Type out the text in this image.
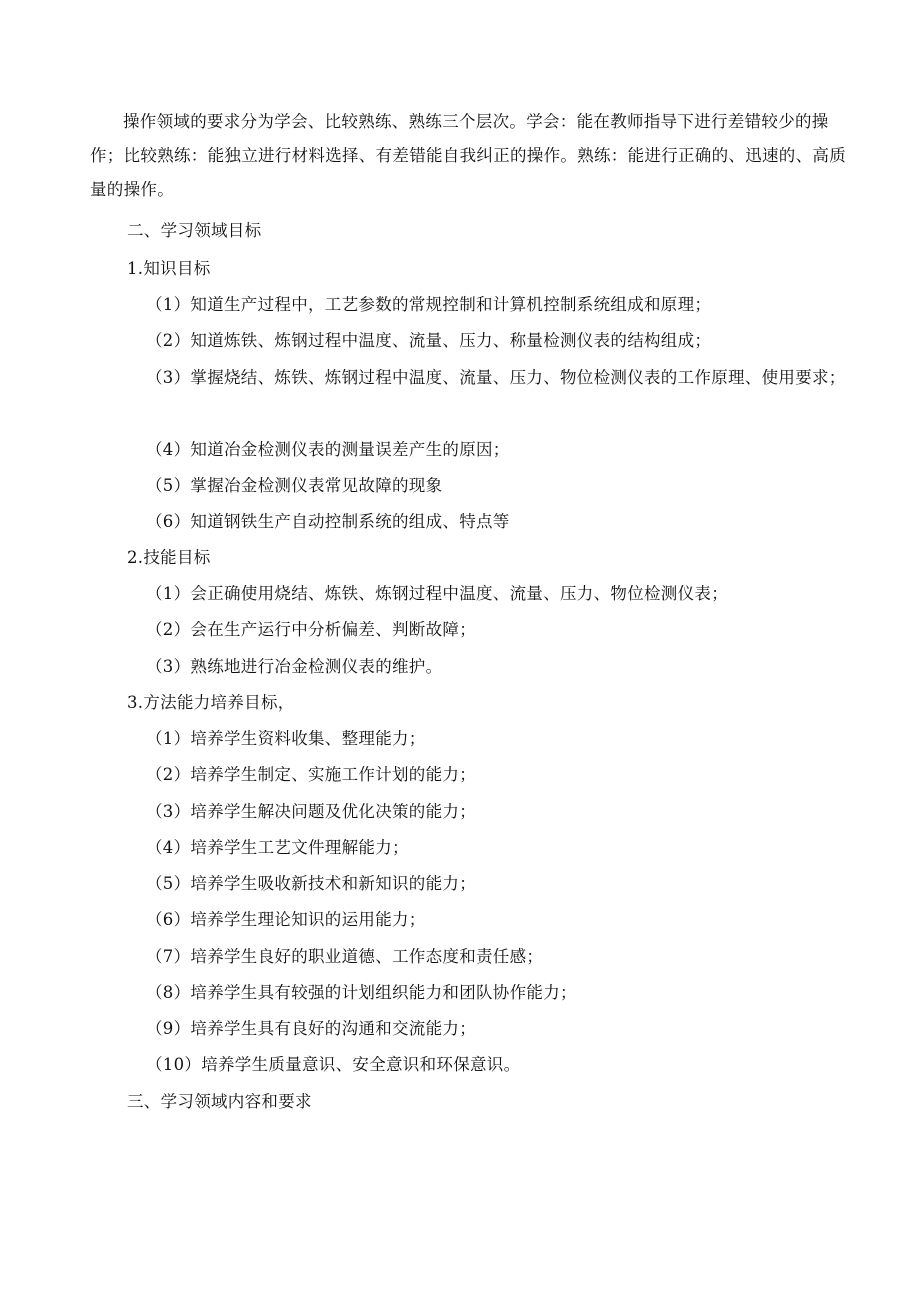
操作领域的要求分为学会、比较熟练、熟练三个层次。学会：能在教师指导下进行差错较少的操作；比较熟练：能独立进行材料选择、有差错能自我纠正的操作。熟练：能进行正确的、迅速的、高质量的操作。

二、学习领域目标

1.知识目标

（1）知道生产过程中，工艺参数的常规控制和计算机控制系统组成和原理；

（2）知道炼铁、炼钢过程中温度、流量、压力、称量检测仪表的结构组成；

（3）掌握烧结、炼铁、炼钢过程中温度、流量、压力、物位检测仪表的工作原理、使用要求；

（4）知道冶金检测仪表的测量误差产生的原因；

（5）掌握冶金检测仪表常见故障的现象

（6）知道钢铁生产自动控制系统的组成、特点等

2.技能目标

（1）会正确使用烧结、炼铁、炼钢过程中温度、流量、压力、物位检测仪表；

（2）会在生产运行中分析偏差、判断故障；

（3）熟练地进行冶金检测仪表的维护。

3.方法能力培养目标，

（1）培养学生资料收集、整理能力；

（2）培养学生制定、实施工作计划的能力；

（3）培养学生解决问题及优化决策的能力；

（4）培养学生工艺文件理解能力；

（5）培养学生吸收新技术和新知识的能力；

（6）培养学生理论知识的运用能力；

（7）培养学生良好的职业道德、工作态度和责任感；

（8）培养学生具有较强的计划组织能力和团队协作能力；

（9）培养学生具有良好的沟通和交流能力；

（10）培养学生质量意识、安全意识和环保意识。

三、学习领域内容和要求
